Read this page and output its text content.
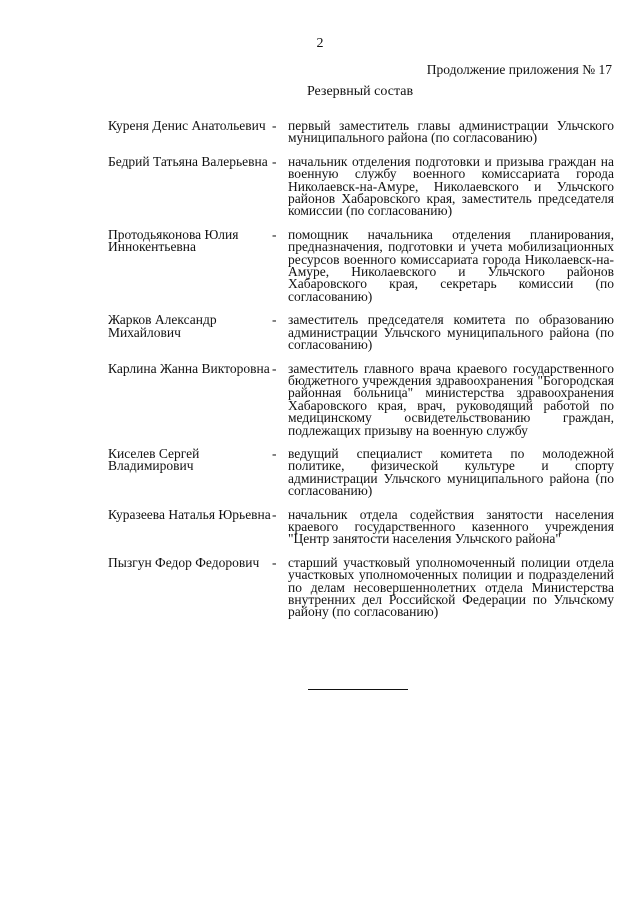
2
Продолжение приложения № 17
Резервный состав
Куреня Денис Анатольевич - первый заместитель главы администрации Ульчского муниципального района (по согласованию)
Бедрий Татьяна Валерьевна - начальник отделения подготовки и призыва граждан на военную службу военного комиссариата города Николаевск-на-Амуре, Николаевского и Ульчского районов Хабаровского края, заместитель председателя комиссии (по согласованию)
Протодьяконова Юлия Иннокентьевна
- помощник начальника отделения планирования, предназначения, подготовки и учета мобилизационных ресурсов военного комиссариата города Николаевск-на-Амуре, Николаевского и Ульчского районов Хабаровского края, секретарь комиссии (по согласованию)
Жарков Александр Михайлович
- заместитель председателя комитета по образованию администрации Ульчского муниципального района (по согласованию)
Карлина Жанна Викторовна - заместитель главного врача краевого государственного бюджетного учреждения здравоохранения "Богородская районная больница" министерства здравоохранения Хабаровского края, врач, руководящий работой по медицинскому освидетельствованию граждан, подлежащих призыву на военную службу
Киселев Сергей Владимирович
- ведущий специалист комитета по молодежной политике, физической культуре и спорту администрации Ульчского муниципального района (по согласованию)
Куразеева Наталья Юрьевна - начальник отдела содействия занятости населения краевого государственного казенного учреждения "Центр занятости населения Ульчского района"
Пызгун Федор Федорович - старший участковый уполномоченный полиции отдела участковых уполномоченных полиции и подразделений по делам несовершеннолетних отдела Министерства внутренних дел Российской Федерации по Ульчскому району (по согласованию)
